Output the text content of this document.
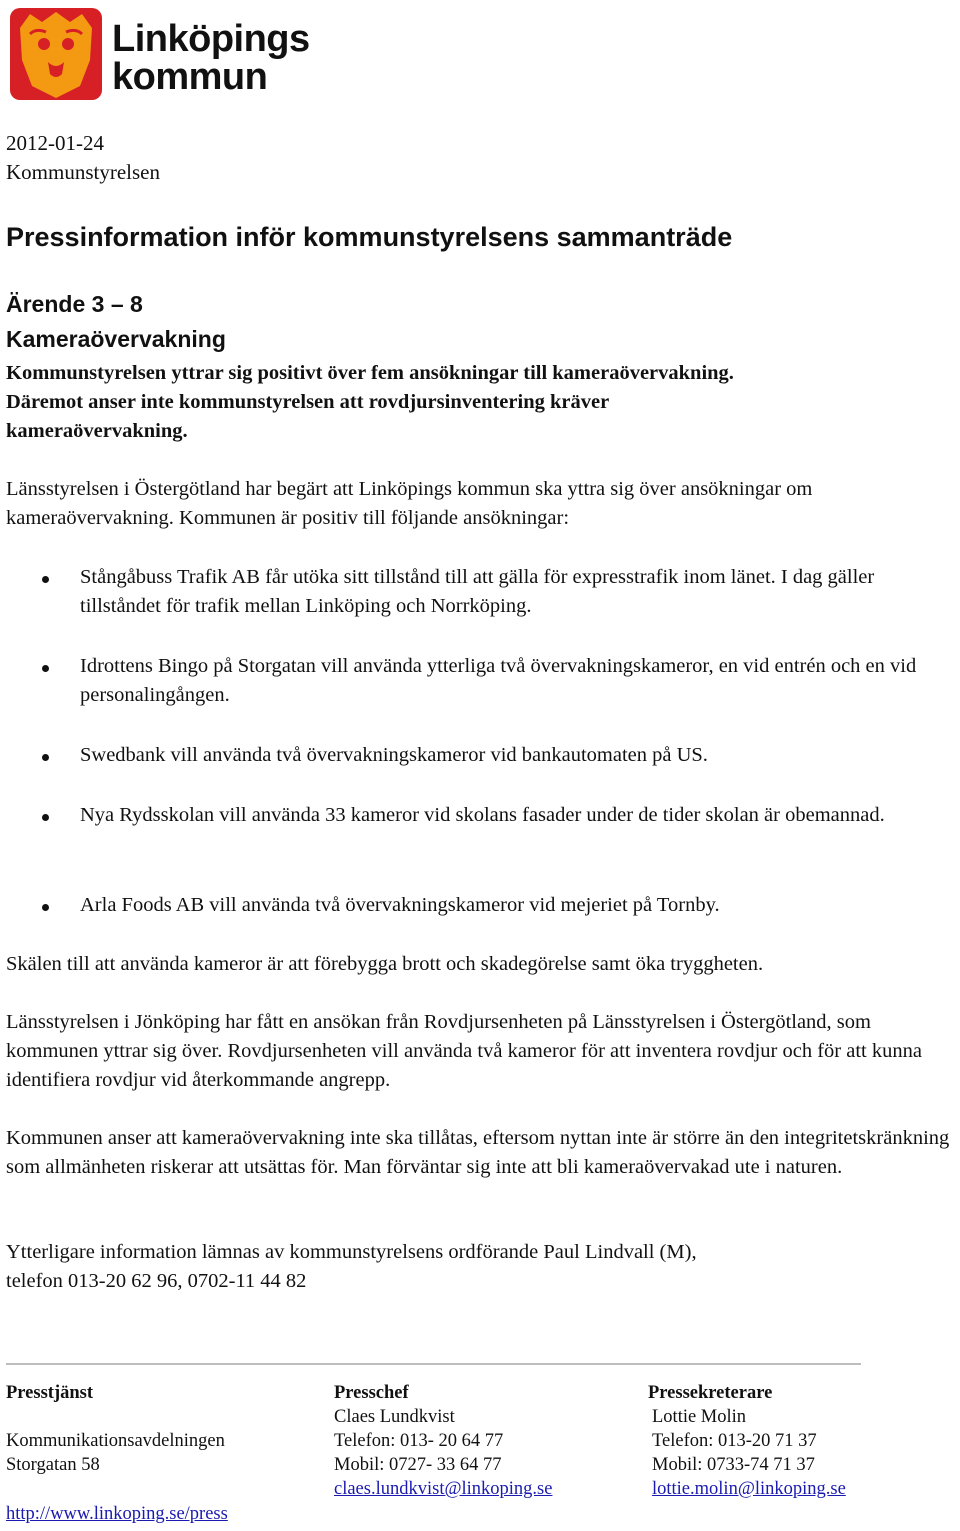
Linköpings
kommun
2012-01-24
Kommunstyrelsen
Pressinformation inför kommunstyrelsens sammanträde
Ärende 3 – 8
Kameraövervakning
Kommunstyrelsen yttrar sig positivt över fem ansökningar till kameraövervakning.
Däremot anser inte kommunstyrelsen att rovdjursinventering kräver
kameraövervakning.
Länsstyrelsen i Östergötland har begärt att Linköpings kommun ska yttra sig över ansökningar om kameraövervakning. Kommunen är positiv till följande ansökningar:
Stångåbuss Trafik AB får utöka sitt tillstånd till att gälla för expresstrafik inom länet. I dag gäller tillståndet för trafik mellan Linköping och Norrköping.
Idrottens Bingo på Storgatan vill använda ytterliga två övervakningskameror, en vid entrén och en vid personalingången.
Swedbank vill använda två övervakningskameror vid bankautomaten på US.
Nya Rydsskolan vill använda 33 kameror vid skolans fasader under de tider skolan är obemannad.
Arla Foods AB vill använda två övervakningskameror vid mejeriet på Tornby.
Skälen till att använda kameror är att förebygga brott och skadegörelse samt öka tryggheten.
Länsstyrelsen i Jönköping har fått en ansökan från Rovdjursenheten på Länsstyrelsen i Östergötland, som kommunen yttrar sig över. Rovdjursenheten vill använda två kameror för att inventera rovdjur och för att kunna identifiera rovdjur vid återkommande angrepp.
Kommunen anser att kameraövervakning inte ska tillåtas, eftersom nyttan inte är större än den integritetskränkning som allmänheten riskerar att utsättas för. Man förväntar sig inte att bli kameraövervakad ute i naturen.
Ytterligare information lämnas av kommunstyrelsens ordförande Paul Lindvall (M),
telefon 013-20 62 96, 0702-11 44 82
Presstjänst
Kommunikationsavdelningen
Storgatan 58
http://www.linkoping.se/press
Presschef
Claes Lundkvist
Telefon: 013- 20 64 77
Mobil: 0727- 33 64 77
claes.lundkvist@linkoping.se
Pressekreterare
Lottie Molin
Telefon: 013-20 71 37
Mobil: 0733-74 71 37
lottie.molin@linkoping.se
